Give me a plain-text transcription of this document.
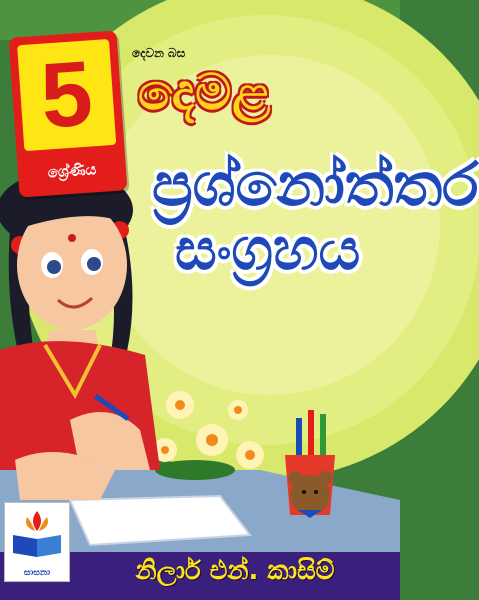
5
ශ්‍රේණිය
දෙවන බස
දෙමළ
ප්‍රශ්නෝත්තර
සංග්‍රහය
නිලාර් එන්. කාසිම්
සාසනා
